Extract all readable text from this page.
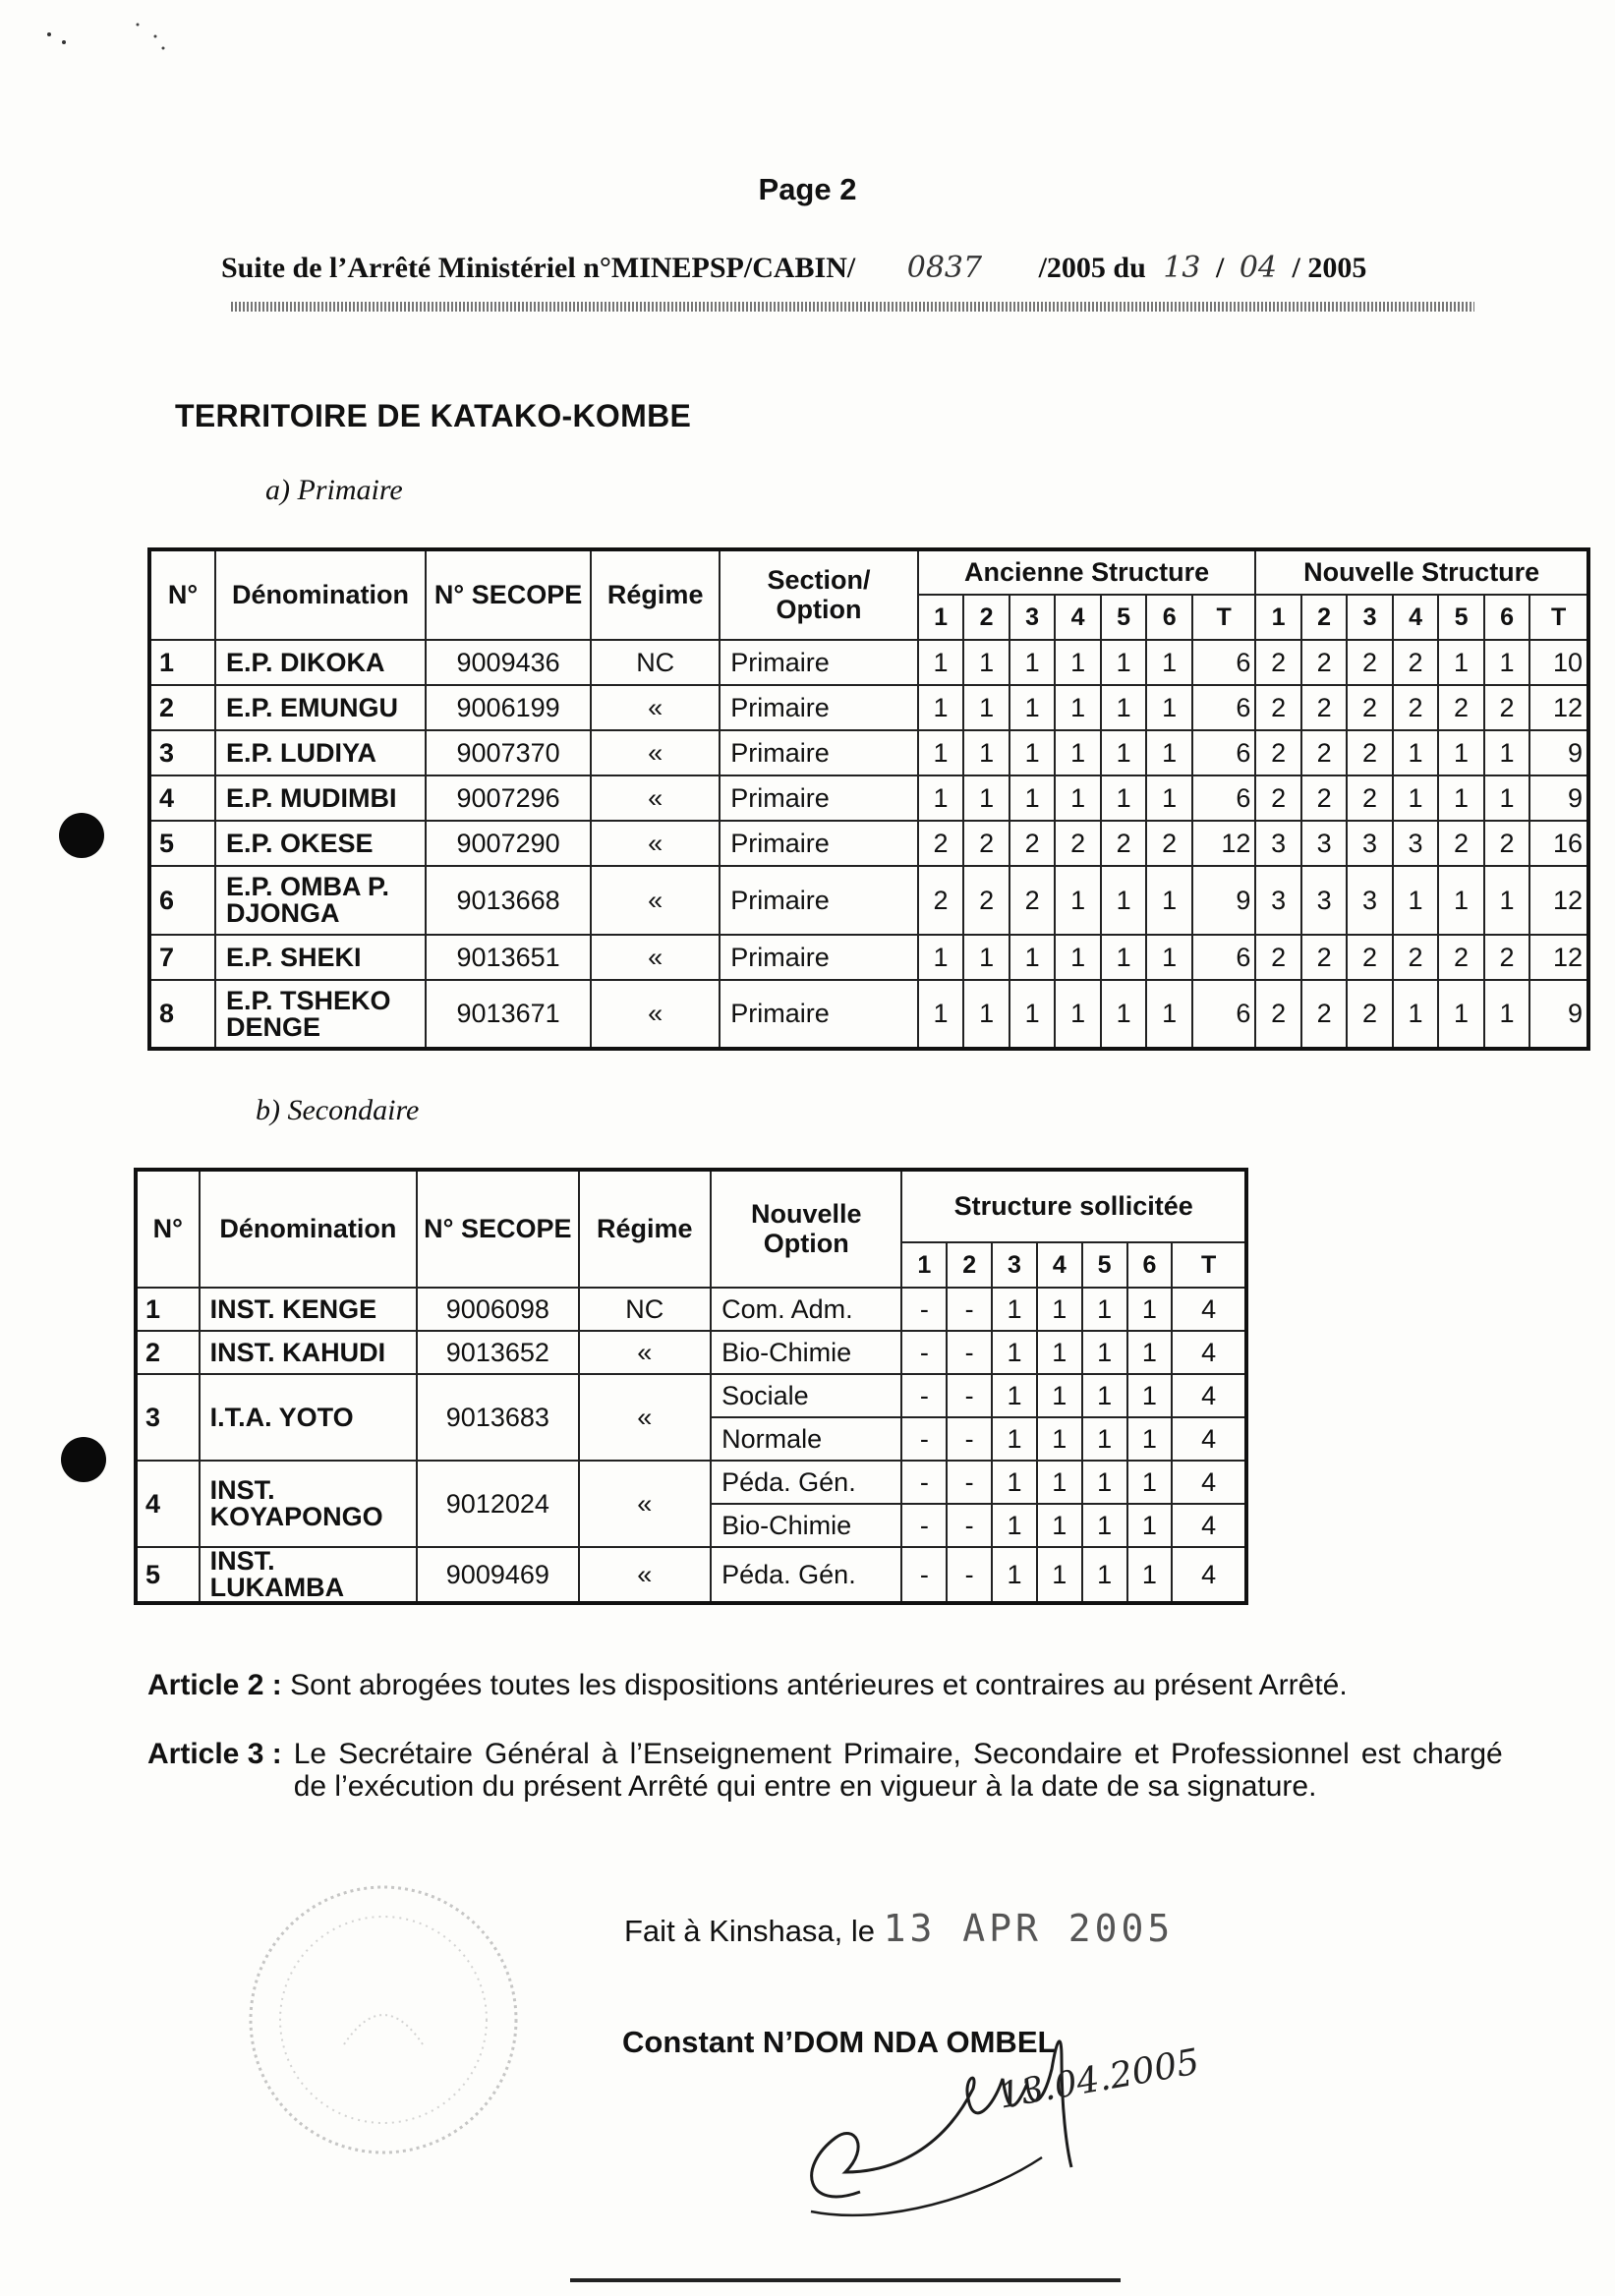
Page 2
Suite de l’Arrêté Ministériel n°MINEPSP/CABIN/ 0837 /2005 du 13 / 04 / 2005
TERRITOIRE DE KATAKO-KOMBE
a) Primaire
N°	Dénomination	N° SECOPE	Régime	Section/ Option	Ancienne Structure							Nouvelle Structure						
					1	2	3	4	5	6	T	1	2	3	4	5	6	T
1	E.P. DIKOKA	9009436	NC	Primaire	1	1	1	1	1	1	6	2	2	2	2	1	1	10
2	E.P. EMUNGU	9006199	«	Primaire	1	1	1	1	1	1	6	2	2	2	2	2	2	12
3	E.P. LUDIYA	9007370	«	Primaire	1	1	1	1	1	1	6	2	2	2	1	1	1	9
4	E.P. MUDIMBI	9007296	«	Primaire	1	1	1	1	1	1	6	2	2	2	1	1	1	9
5	E.P. OKESE	9007290	«	Primaire	2	2	2	2	2	2	12	3	3	3	3	2	2	16
6	E.P. OMBA P. DJONGA	9013668	«	Primaire	2	2	2	1	1	1	9	3	3	3	1	1	1	12
7	E.P. SHEKI	9013651	«	Primaire	1	1	1	1	1	1	6	2	2	2	2	2	2	12
8	E.P. TSHEKO DENGE	9013671	«	Primaire	1	1	1	1	1	1	6	2	2	2	1	1	1	9
b) Secondaire
N°	Dénomination	N° SECOPE	Régime	Nouvelle Option	Structure sollicitée						
					1	2	3	4	5	6	T
1	INST. KENGE	9006098	NC	Com. Adm.	-	-	1	1	1	1	4
2	INST. KAHUDI	9013652	«	Bio-Chimie	-	-	1	1	1	1	4
3	I.T.A. YOTO	9013683	«	Sociale	-	-	1	1	1	1	4
				Normale	-	-	1	1	1	1	4
4	INST. KOYAPONGO	9012024	«	Péda. Gén.	-	-	1	1	1	1	4
				Bio-Chimie	-	-	1	1	1	1	4
5	INST. LUKAMBA	9009469	«	Péda. Gén.	-	-	1	1	1	1	4
Article 2 : Sont abrogées toutes les dispositions antérieures et contraires au présent Arrêté.
Article 3 : Le Secrétaire Général à l’Enseignement Primaire, Secondaire et Professionnel est chargé de l’exécution du présent Arrêté qui entre en vigueur à la date de sa signature.
Fait à Kinshasa, le 13 APR 2005
Constant N’DOM NDA OMBEL
13.04.2005
